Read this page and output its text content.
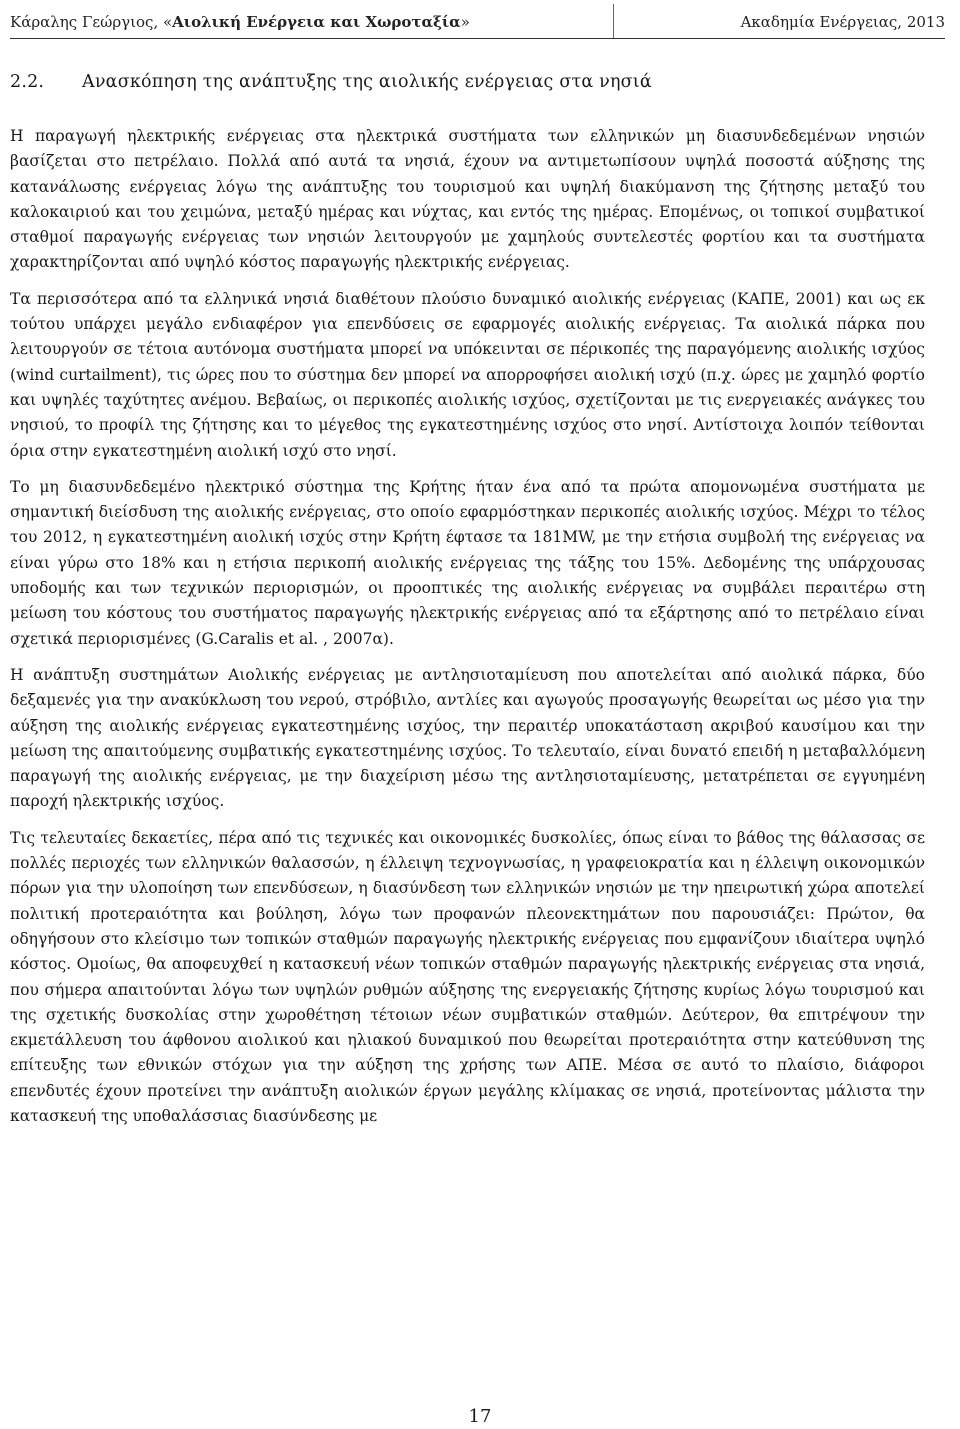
Κάραλης Γεώργιος, «Αιολική Ενέργεια και Χωροταξία»	Ακαδημία Ενέργειας, 2013
2.2. Ανασκόπηση της ανάπτυξης της αιολικής ενέργειας στα νησιά

Η παραγωγή ηλεκτρικής ενέργειας στα ηλεκτρικά συστήματα των ελληνικών μη διασυνδεδεμένων νησιών βασίζεται στο πετρέλαιο. Πολλά από αυτά τα νησιά, έχουν να αντιμετωπίσουν υψηλά ποσοστά αύξησης της κατανάλωσης ενέργειας λόγω της ανάπτυξης του τουρισμού και υψηλή διακύμανση της ζήτησης μεταξύ του καλοκαιριού και του χειμώνα, μεταξύ ημέρας και νύχτας, και εντός της ημέρας. Επομένως, οι τοπικοί συμβατικοί σταθμοί παραγωγής ενέργειας των νησιών λειτουργούν με χαμηλούς συντελεστές φορτίου και τα συστήματα χαρακτηρίζονται από υψηλό κόστος παραγωγής ηλεκτρικής ενέργειας.

Τα περισσότερα από τα ελληνικά νησιά διαθέτουν πλούσιο δυναμικό αιολικής ενέργειας (ΚΑΠΕ, 2001) και ως εκ τούτου υπάρχει μεγάλο ενδιαφέρον για επενδύσεις σε εφαρμογές αιολικής ενέργειας. Τα αιολικά πάρκα που λειτουργούν σε τέτοια αυτόνομα συστήματα μπορεί να υπόκεινται σε πέρικοπές της παραγόμενης αιολικής ισχύος (wind curtailment), τις ώρες που το σύστημα δεν μπορεί να απορροφήσει αιολική ισχύ (π.χ. ώρες με χαμηλό φορτίο και υψηλές ταχύτητες ανέμου. Βεβαίως, οι περικοπές αιολικής ισχύος, σχετίζονται με τις ενεργειακές ανάγκες του νησιού, το προφίλ της ζήτησης και το μέγεθος της εγκατεστημένης ισχύος στο νησί. Αντίστοιχα λοιπόν τείθονται όρια στην εγκατεστημένη αιολική ισχύ στο νησί.

Το μη διασυνδεδεμένο ηλεκτρικό σύστημα της Κρήτης ήταν ένα από τα πρώτα απομονωμένα συστήματα με σημαντική διείσδυση της αιολικής ενέργειας, στο οποίο εφαρμόστηκαν περικοπές αιολικής ισχύος. Μέχρι το τέλος του 2012, η εγκατεστημένη αιολική ισχύς στην Κρήτη έφτασε τα 181MW, με την ετήσια συμβολή της ενέργειας να είναι γύρω στο 18% και η ετήσια περικοπή αιολικής ενέργειας της τάξης του 15%. Δεδομένης της υπάρχουσας υποδομής και των τεχνικών περιορισμών, οι προοπτικές της αιολικής ενέργειας να συμβάλει περαιτέρω στη μείωση του κόστους του συστήματος παραγωγής ηλεκτρικής ενέργειας από τα εξάρτησης από το πετρέλαιο είναι σχετικά περιορισμένες (G.Caralis et al. , 2007α).

Η ανάπτυξη συστημάτων Αιολικής ενέργειας με αντλησιοταμίευση που αποτελείται από αιολικά πάρκα, δύο δεξαμενές για την ανακύκλωση του νερού, στρόβιλο, αντλίες και αγωγούς προσαγωγής θεωρείται ως μέσο για την αύξηση της αιολικής ενέργειας εγκατεστημένης ισχύος, την περαιτέρ υποκατάσταση ακριβού καυσίμου και την μείωση της απαιτούμενης συμβατικής εγκατεστημένης ισχύος. Το τελευταίο, είναι δυνατό επειδή η μεταβαλλόμενη παραγωγή της αιολικής ενέργειας, με την διαχείριση μέσω της αντλησιοταμίευσης, μετατρέπεται σε εγγυημένη παροχή ηλεκτρικής ισχύος.

Τις τελευταίες δεκαετίες, πέρα από τις τεχνικές και οικονομικές δυσκολίες, όπως είναι το βάθος της θάλασσας σε πολλές περιοχές των ελληνικών θαλασσών, η έλλειψη τεχνογνωσίας, η γραφειοκρατία και η έλλειψη οικονομικών πόρων για την υλοποίηση των επενδύσεων, η διασύνδεση των ελληνικών νησιών με την ηπειρωτική χώρα αποτελεί πολιτική προτεραιότητα και βούληση, λόγω των προφανών πλεονεκτημάτων που παρουσιάζει: Πρώτον, θα οδηγήσουν στο κλείσιμο των τοπικών σταθμών παραγωγής ηλεκτρικής ενέργειας που εμφανίζουν ιδιαίτερα υψηλό κόστος. Ομοίως, θα αποφευχθεί η κατασκευή νέων τοπικών σταθμών παραγωγής ηλεκτρικής ενέργειας στα νησιά, που σήμερα απαιτούνται λόγω των υψηλών ρυθμών αύξησης της ενεργειακής ζήτησης κυρίως λόγω τουρισμού και της σχετικής δυσκολίας στην χωροθέτηση τέτοιων νέων συμβατικών σταθμών. Δεύτερον, θα επιτρέψουν την εκμετάλλευση του άφθονου αιολικού και ηλιακού δυναμικού που θεωρείται προτεραιότητα στην κατεύθυνση της επίτευξης των εθνικών στόχων για την αύξηση της χρήσης των ΑΠΕ. Μέσα σε αυτό το πλαίσιο, διάφοροι επενδυτές έχουν προτείνει την ανάπτυξη αιολικών έργων μεγάλης κλίμακας σε νησιά, προτείνοντας μάλιστα την κατασκευή της υποθαλάσσιας διασύνδεσης με

17
